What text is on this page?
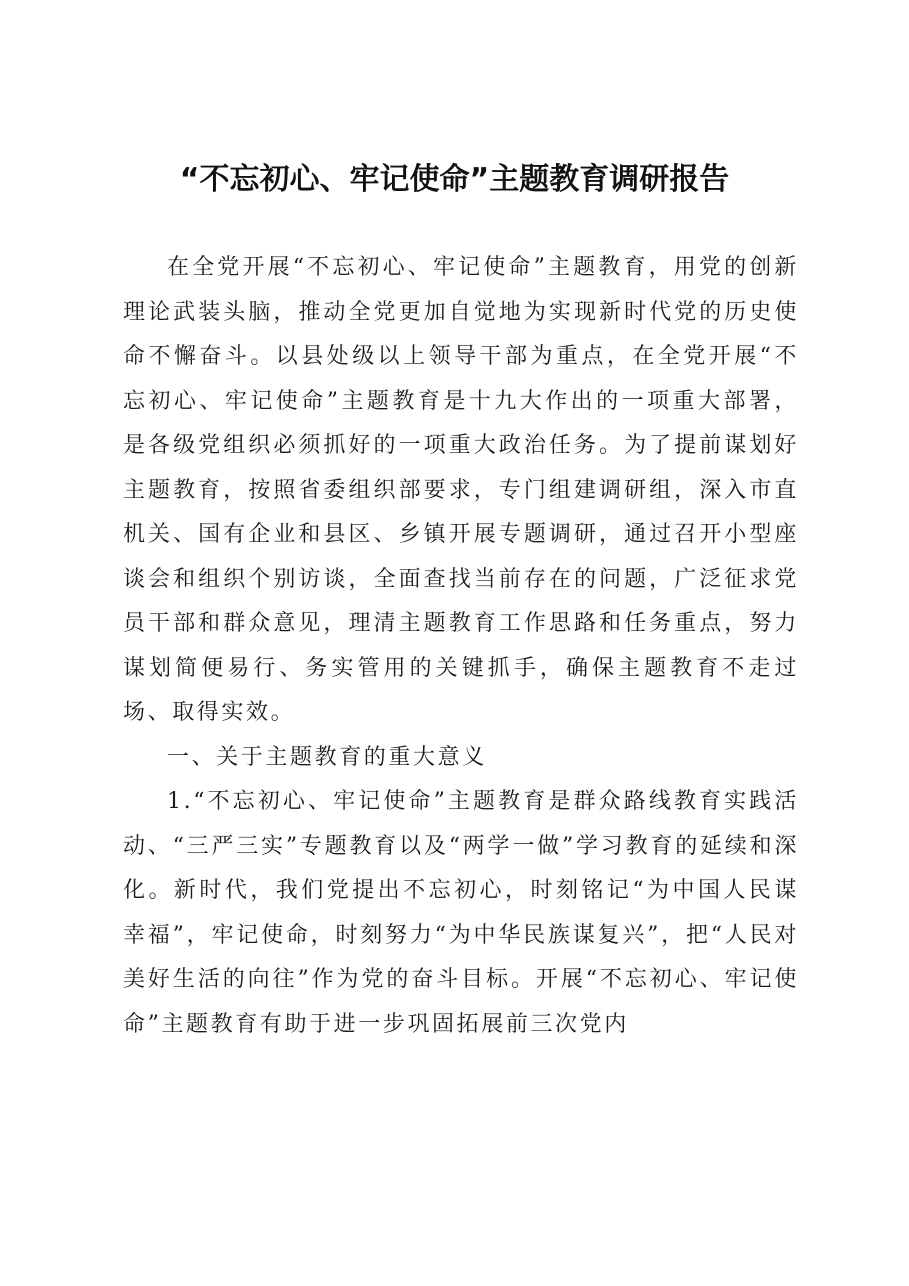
“不忘初心、牢记使命”主题教育调研报告

在全党开展“不忘初心、牢记使命”主题教育，用党的创新理论武装头脑，推动全党更加自觉地为实现新时代党的历史使命不懈奋斗。以县处级以上领导干部为重点，在全党开展“不忘初心、牢记使命”主题教育是十九大作出的一项重大部署，是各级党组织必须抓好的一项重大政治任务。为了提前谋划好主题教育，按照省委组织部要求，专门组建调研组，深入市直机关、国有企业和县区、乡镇开展专题调研，通过召开小型座谈会和组织个别访谈，全面查找当前存在的问题，广泛征求党员干部和群众意见，理清主题教育工作思路和任务重点，努力谋划简便易行、务实管用的关键抓手，确保主题教育不走过场、取得实效。

一、关于主题教育的重大意义

1.“不忘初心、牢记使命”主题教育是群众路线教育实践活动、“三严三实”专题教育以及“两学一做”学习教育的延续和深化。新时代，我们党提出不忘初心，时刻铭记“为中国人民谋幸福”，牢记使命，时刻努力“为中华民族谋复兴”，把“人民对美好生活的向往”作为党的奋斗目标。开展“不忘初心、牢记使命”主题教育有助于进一步巩固拓展前三次党内
